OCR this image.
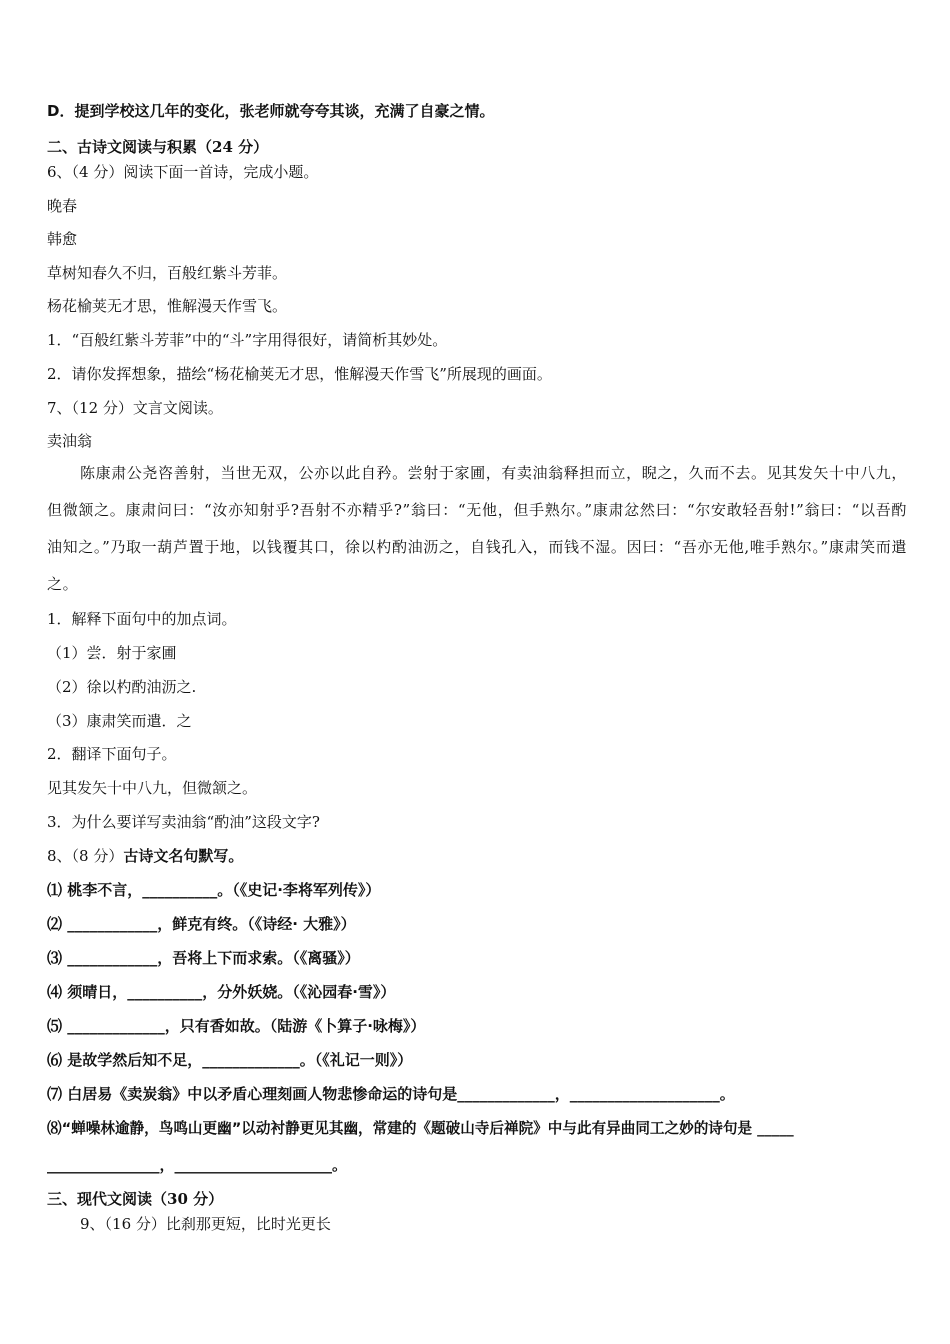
D．提到学校这几年的变化，张老师就夸夸其谈，充满了自豪之情。
二、古诗文阅读与积累（24 分）
6、（4 分）阅读下面一首诗，完成小题。
晚春
韩愈
草树知春久不归，百般红紫斗芳菲。
杨花榆荚无才思，惟解漫天作雪飞。
1．“百般红紫斗芳菲”中的“斗”字用得很好，请简析其妙处。
2．请你发挥想象，描绘“杨花榆荚无才思，惟解漫天作雪飞”所展现的画面。
7、（12 分）文言文阅读。
卖油翁
陈康肃公尧咨善射，当世无双，公亦以此自矜。尝射于家圃，有卖油翁释担而立，睨之，久而不去。见其发矢十中八九，但微颔之。康肃问曰：“汝亦知射乎?吾射不亦精乎?”翁曰：“无他，但手熟尔。”康肃忿然曰：“尔安敢轻吾射!”翁曰：“以吾酌油知之。”乃取一葫芦置于地，以钱覆其口，徐以杓酌油沥之，自钱孔入，而钱不湿。因曰：“吾亦无他,唯手熟尔。”康肃笑而遣之。
1．解释下面句中的加点词。
（1）尝．射于家圃
（2）徐以杓酌油沥之.
（3）康肃笑而遣．之
2．翻译下面句子。
见其发矢十中八九，但微颔之。
3．为什么要详写卖油翁“酌油”这段文字?
8、（8 分）古诗文名句默写。
⑴ 桃李不言，__________。（《史记·李将军列传》）
⑵ ____________，鲜克有终。（《诗经· 大雅》）
⑶ ____________，吾将上下而求索。（《离骚》）
⑷ 须晴日，__________，分外妖娆。（《沁园春·雪》）
⑸ _____________，只有香如故。（陆游《卜算子·咏梅》）
⑹ 是故学然后知不足，_____________。（《礼记一则》）
⑺ 白居易《卖炭翁》中以矛盾心理刻画人物悲惨命运的诗句是_____________，____________________。
⑻“蝉噪林逾静，鸟鸣山更幽”以动衬静更见其幽，常建的《题破山寺后禅院》中与此有异曲同工之妙的诗句是 _____
_______________，_____________________。
三、现代文阅读（30 分）
9、（16 分）比刹那更短，比时光更长
